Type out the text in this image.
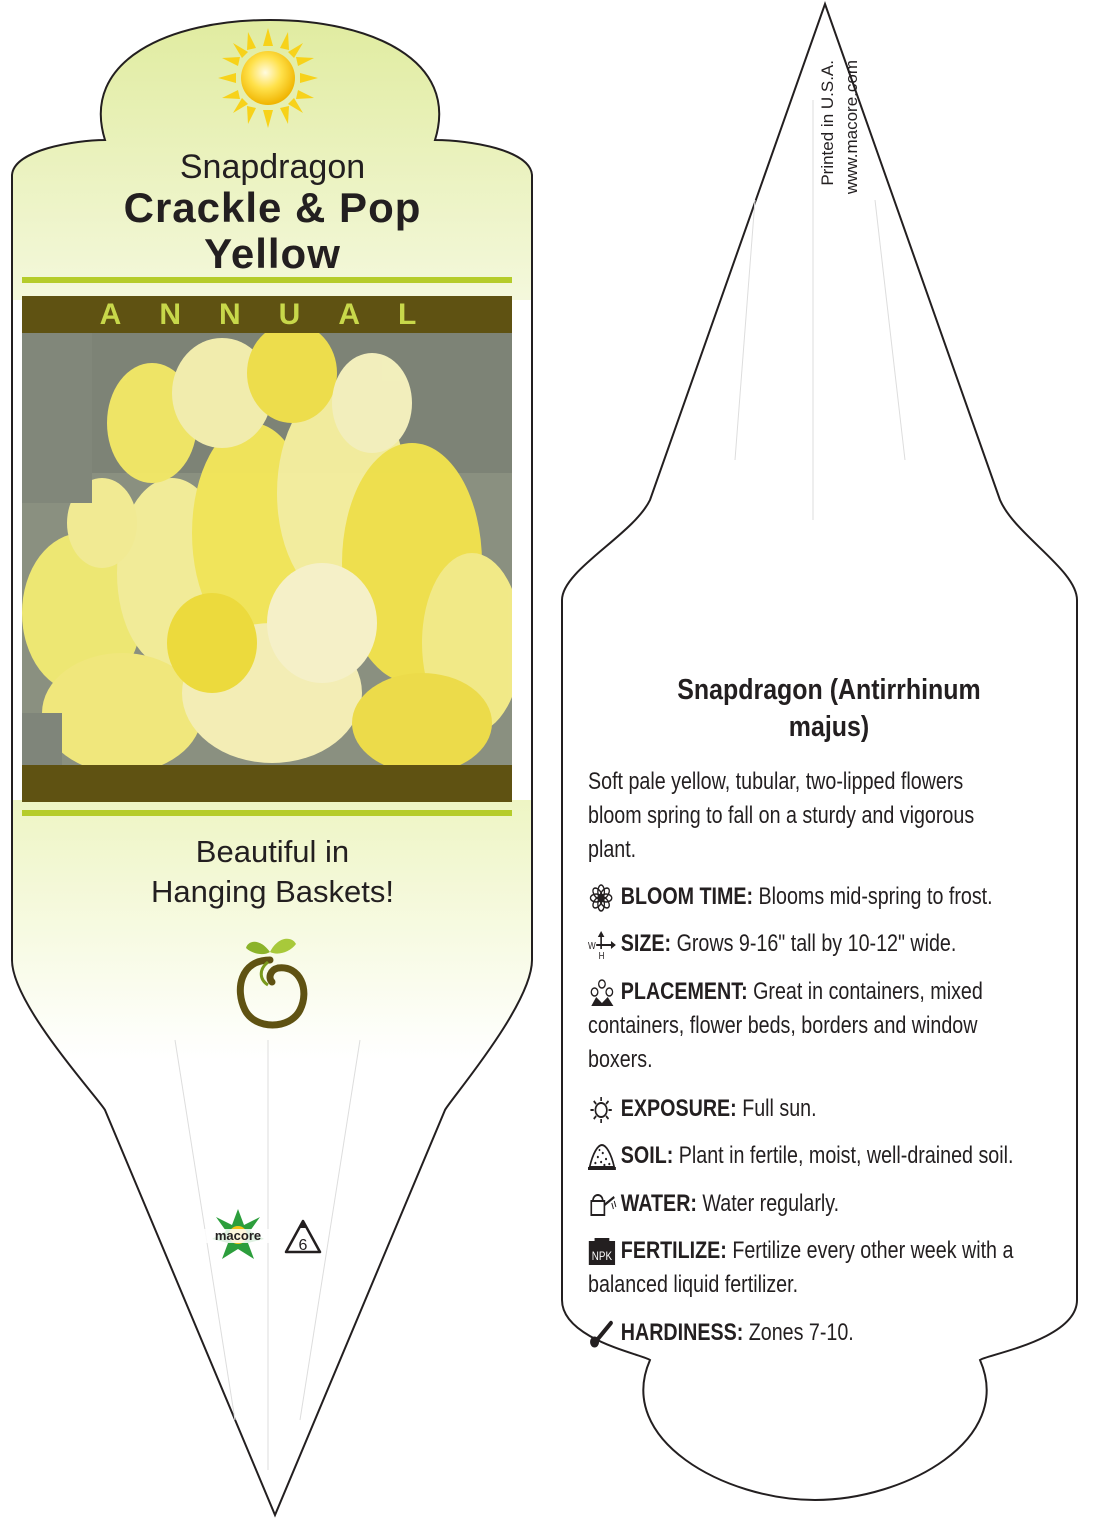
Snapdragon
Crackle & Pop
Yellow
ANNUAL
Beautiful in
Hanging Baskets!
macore
6
Printed in U.S.A. www.macore.com
Snapdragon (Antirrhinum
majus)
Soft pale yellow, tubular, two-lipped flowers
bloom spring to fall on a sturdy and vigorous
plant.
BLOOM TIME: Blooms mid-spring to frost.
W
H SIZE: Grows 9-16" tall by 10-12" wide.
PLACEMENT: Great in containers, mixed
containers, flower beds, borders and window
boxers.
EXPOSURE: Full sun.
SOIL: Plant in fertile, moist, well-drained soil.
WATER: Water regularly.
NPK FERTILIZE: Fertilize every other week with a
balanced liquid fertilizer.
HARDINESS: Zones 7-10.
